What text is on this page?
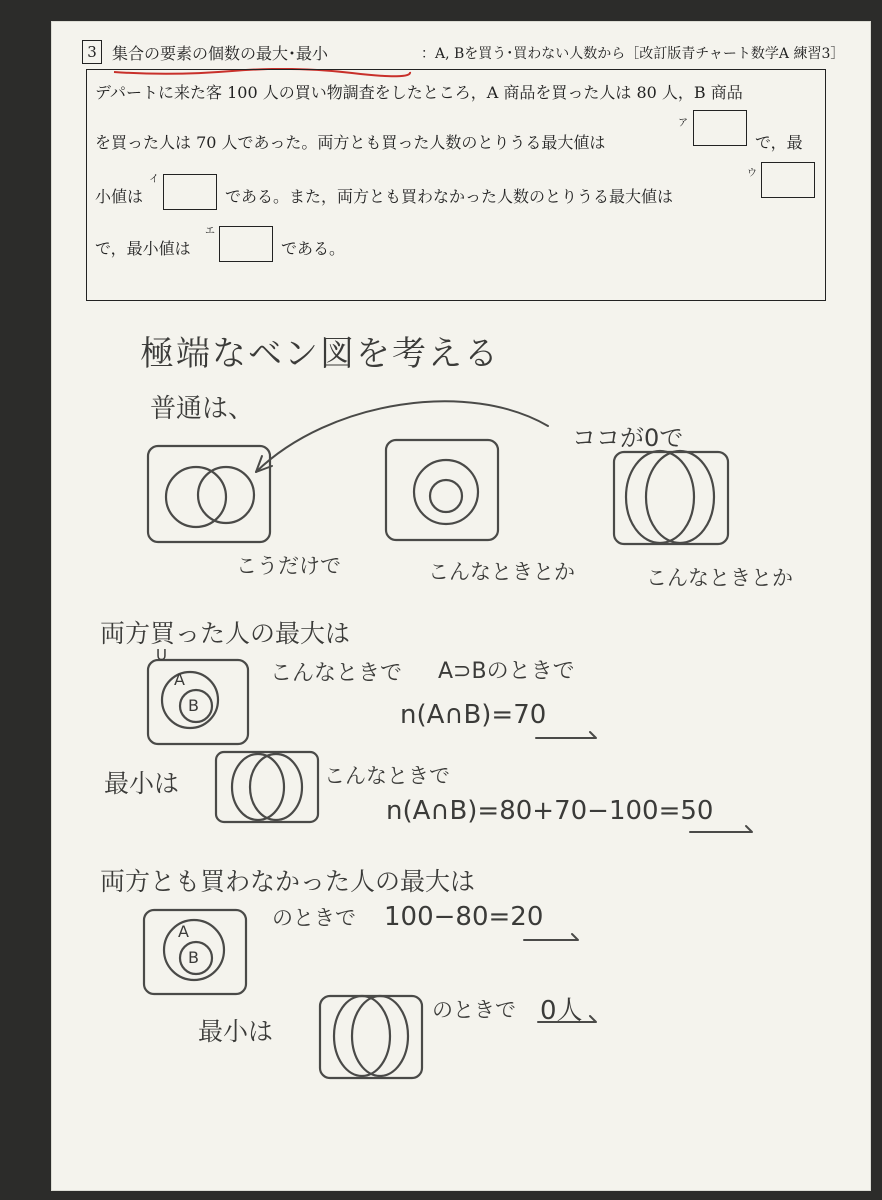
3 集合の要素の個数の最大･最小	：A, Bを買う･買わない人数から［改訂版青チャート数学A 練習3］
デパートに来た客 100 人の買い物調査をしたところ，A 商品を買った人は 80 人，B 商品
を買った人は 70 人であった。両方とも買った人数のとりうる最大値は
ア
で，最
小値は
イ
である。また，両方とも買わなかった人数のとりうる最大値は
ウ
で，最小値は
エ
である。
極端なベン図を考える
普通は、
ココが0で
U
A
B
A
B
こうだけで	こんなときとか	こんなときとか
両方買った人の最大は
こんなときで A⊃Bのときで
n(A∩B)=70
最小は	こんなときで
n(A∩B)=80+70−100=50
両方とも買わなかった人の最大は
のときで 100−80=20
最小は
のときで 0人
